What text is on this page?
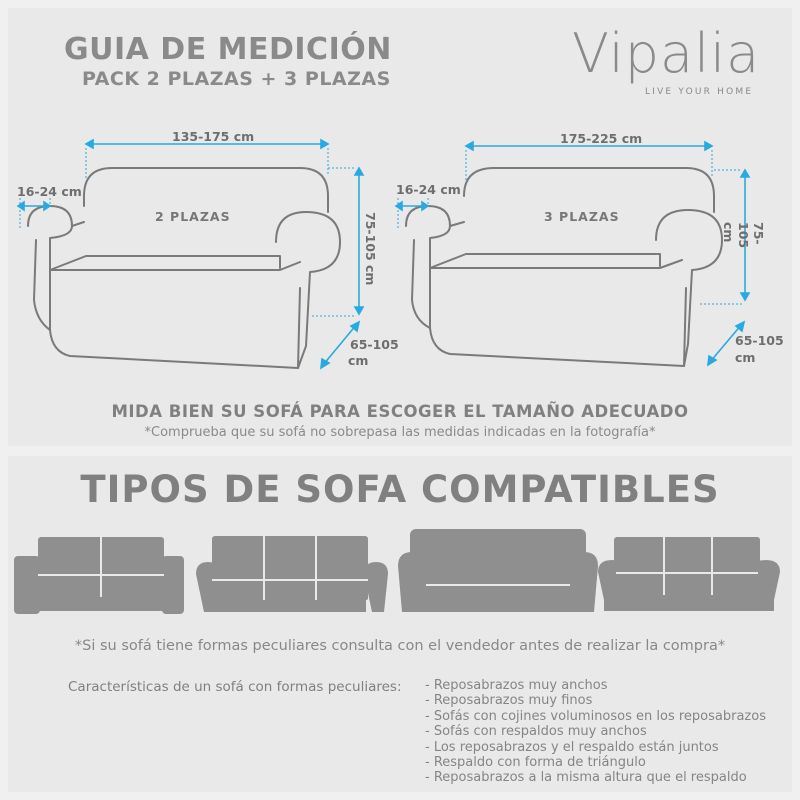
GUIA DE MEDICIÓN
PACK 2 PLAZAS + 3 PLAZAS	Vipalia
LIVE YOUR HOME
135-175 cm
16-24 cm
75-105 cm
65-105
cm
2 PLAZAS
175-225 cm
16-24 cm
75-105 cm
65-105
cm
3 PLAZAS
MIDA BIEN SU SOFÁ PARA ESCOGER EL TAMAÑO ADECUADO
*Comprueba que su sofá no sobrepasa las medidas indicadas en la fotografía*
TIPOS DE SOFA COMPATIBLES
*Si su sofá tiene formas peculiares consulta con el vendedor antes de realizar la compra*
Características de un sofá con formas peculiares:
-	Reposabrazos muy anchos
- Reposabrazos muy finos
- Sofás con cojines voluminosos en los reposabrazos
- Sofás con respaldos muy anchos
- Los reposabrazos y el respaldo están juntos
- Respaldo con forma de triángulo
- Reposabrazos a la misma altura que el respaldo
